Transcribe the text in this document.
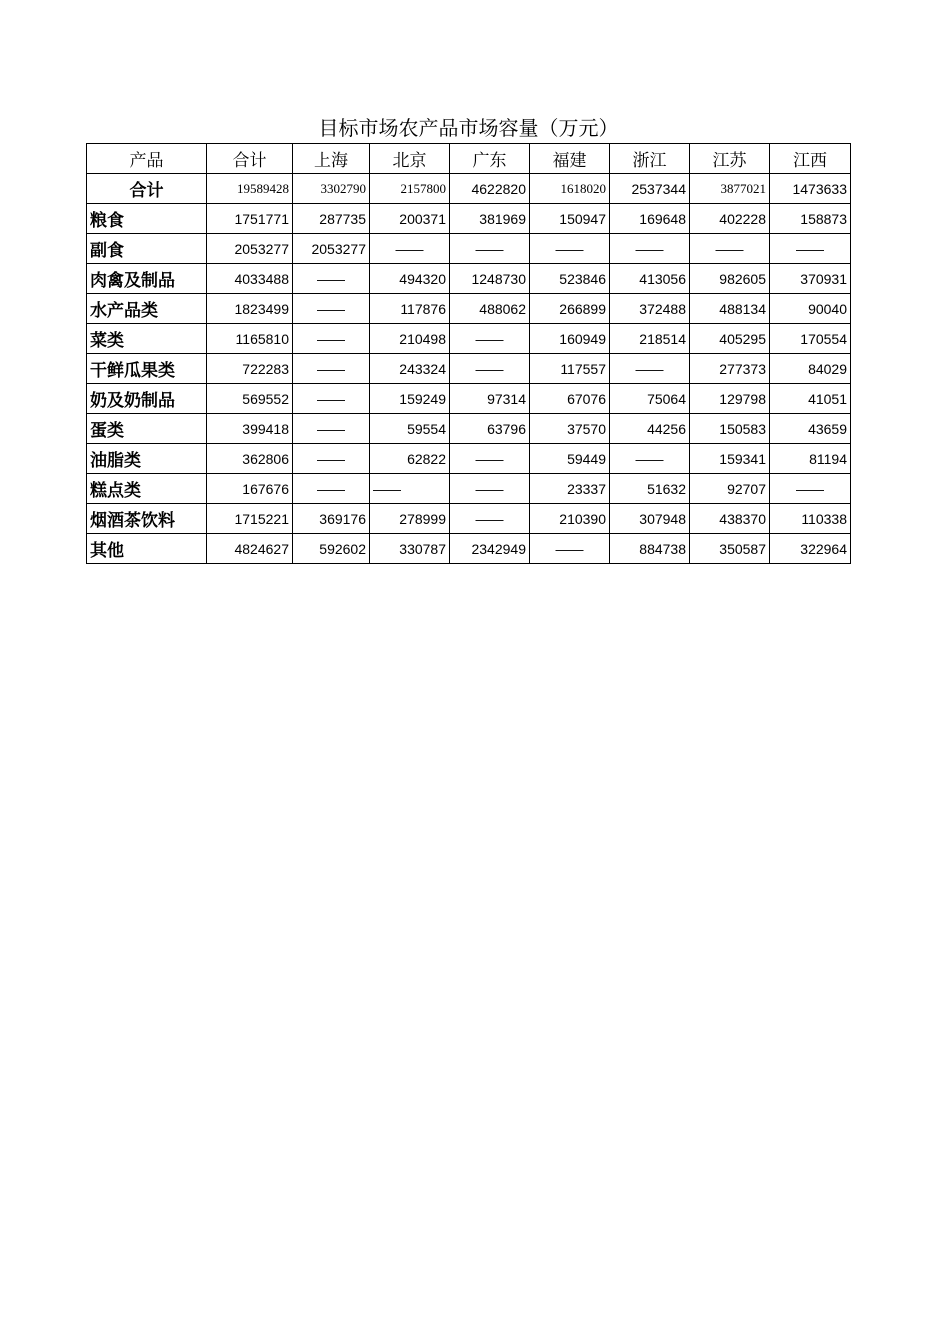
目标市场农产品市场容量（万元）
产品	合计	上海	北京	广东	福建	浙江	江苏	江西
合计	19589428	3302790	2157800	4622820	1618020	2537344	3877021	1473633
粮食	1751771	287735	200371	381969	150947	169648	402228	158873
副食	2053277	2053277	——	——	——	——	——	——
肉禽及制品	4033488	——	494320	1248730	523846	413056	982605	370931
水产品类	1823499	——	117876	488062	266899	372488	488134	90040
菜类	1165810	——	210498	——	160949	218514	405295	170554
干鲜瓜果类	722283	——	243324	——	117557	——	277373	84029
奶及奶制品	569552	——	159249	97314	67076	75064	129798	41051
蛋类	399418	——	59554	63796	37570	44256	150583	43659
油脂类	362806	——	62822	——	59449	——	159341	81194
糕点类	167676	——	——	——	23337	51632	92707	——
烟酒茶饮料	1715221	369176	278999	——	210390	307948	438370	110338
其他	4824627	592602	330787	2342949	——	884738	350587	322964
